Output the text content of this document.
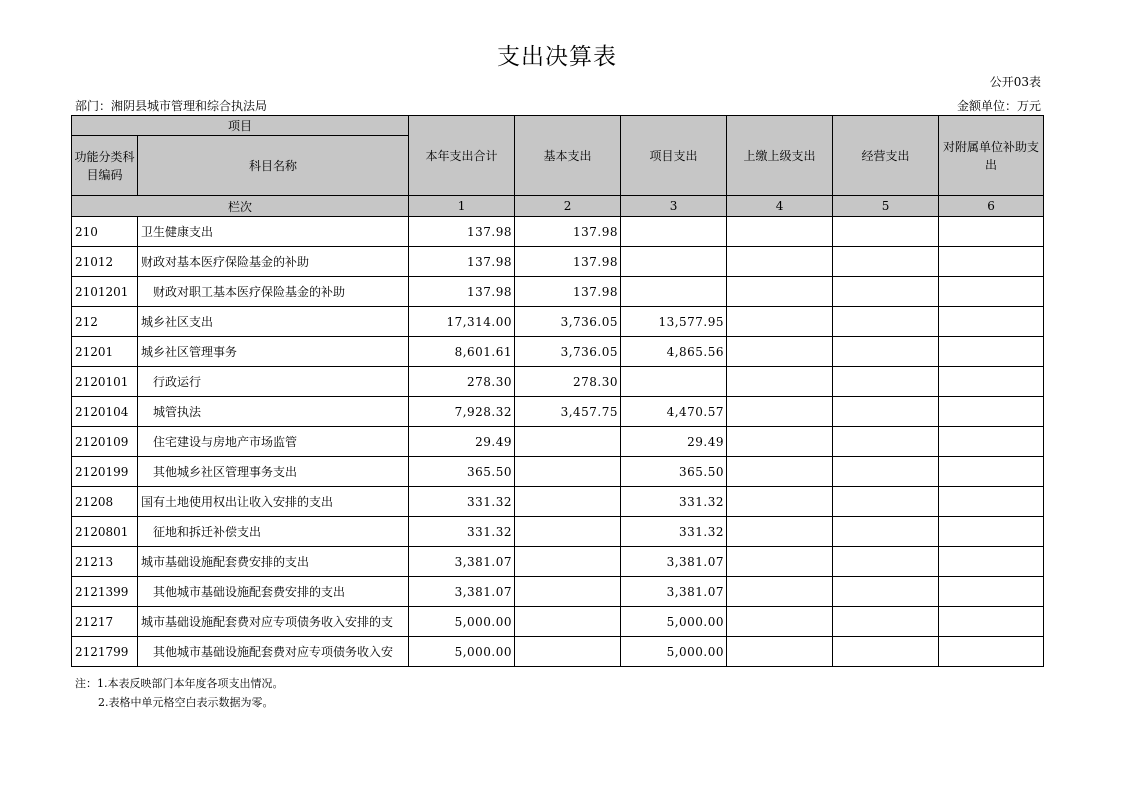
支出决算表
公开03表
部门：湘阴县城市管理和综合执法局	金额单位：万元
项目		本年支出合计	基本支出	项目支出	上缴上级支出	经营支出	对附属单位补助支出
功能分类科目编码	科目名称						
栏次		1	2	3	4	5	6
210	卫生健康支出	137.98	137.98				
21012	财政对基本医疗保险基金的补助	137.98	137.98				
2101201	财政对职工基本医疗保险基金的补助	137.98	137.98				
212	城乡社区支出	17,314.00	3,736.05	13,577.95			
21201	城乡社区管理事务	8,601.61	3,736.05	4,865.56			
2120101	行政运行	278.30	278.30				
2120104	城管执法	7,928.32	3,457.75	4,470.57			
2120109	住宅建设与房地产市场监管	29.49		29.49			
2120199	其他城乡社区管理事务支出	365.50		365.50			
21208	国有土地使用权出让收入安排的支出	331.32		331.32			
2120801	征地和拆迁补偿支出	331.32		331.32			
21213	城市基础设施配套费安排的支出	3,381.07		3,381.07			
2121399	其他城市基础设施配套费安排的支出	3,381.07		3,381.07			
21217	城市基础设施配套费对应专项债务收入安排的支	5,000.00		5,000.00			
2121799	其他城市基础设施配套费对应专项债务收入安	5,000.00		5,000.00			
注：1.本表反映部门本年度各项支出情况。
2.表格中单元格空白表示数据为零。
